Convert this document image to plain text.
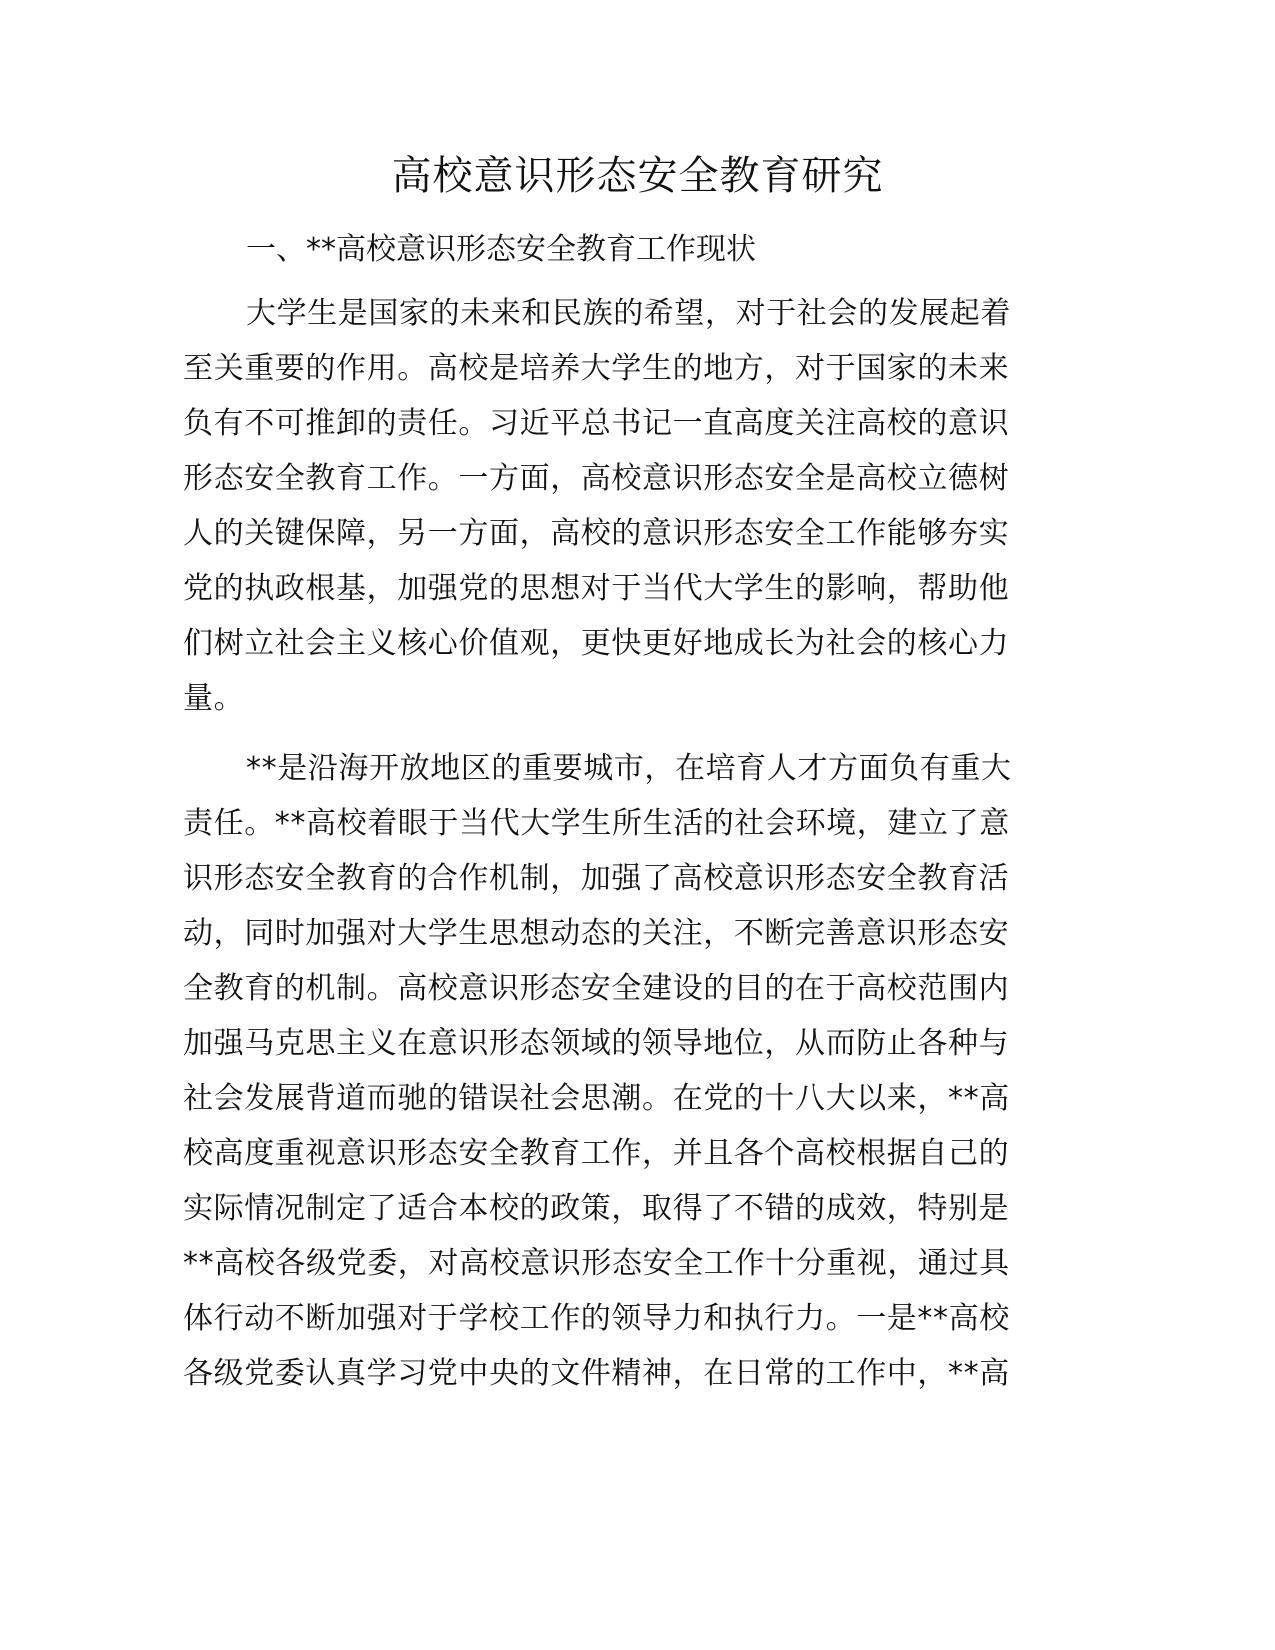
高校意识形态安全教育研究
一、**高校意识形态安全教育工作现状
大学生是国家的未来和民族的希望，对于社会的发展起着
至关重要的作用。高校是培养大学生的地方，对于国家的未来
负有不可推卸的责任。习近平总书记一直高度关注高校的意识
形态安全教育工作。一方面，高校意识形态安全是高校立德树
人的关键保障，另一方面，高校的意识形态安全工作能够夯实
党的执政根基，加强党的思想对于当代大学生的影响，帮助他
们树立社会主义核心价值观，更快更好地成长为社会的核心力
量。
**是沿海开放地区的重要城市，在培育人才方面负有重大
责任。**高校着眼于当代大学生所生活的社会环境，建立了意
识形态安全教育的合作机制，加强了高校意识形态安全教育活
动，同时加强对大学生思想动态的关注，不断完善意识形态安
全教育的机制。高校意识形态安全建设的目的在于高校范围内
加强马克思主义在意识形态领域的领导地位，从而防止各种与
社会发展背道而驰的错误社会思潮。在党的十八大以来，**高
校高度重视意识形态安全教育工作，并且各个高校根据自己的
实际情况制定了适合本校的政策，取得了不错的成效，特别是
**高校各级党委，对高校意识形态安全工作十分重视，通过具
体行动不断加强对于学校工作的领导力和执行力。一是**高校
各级党委认真学习党中央的文件精神，在日常的工作中，**高
